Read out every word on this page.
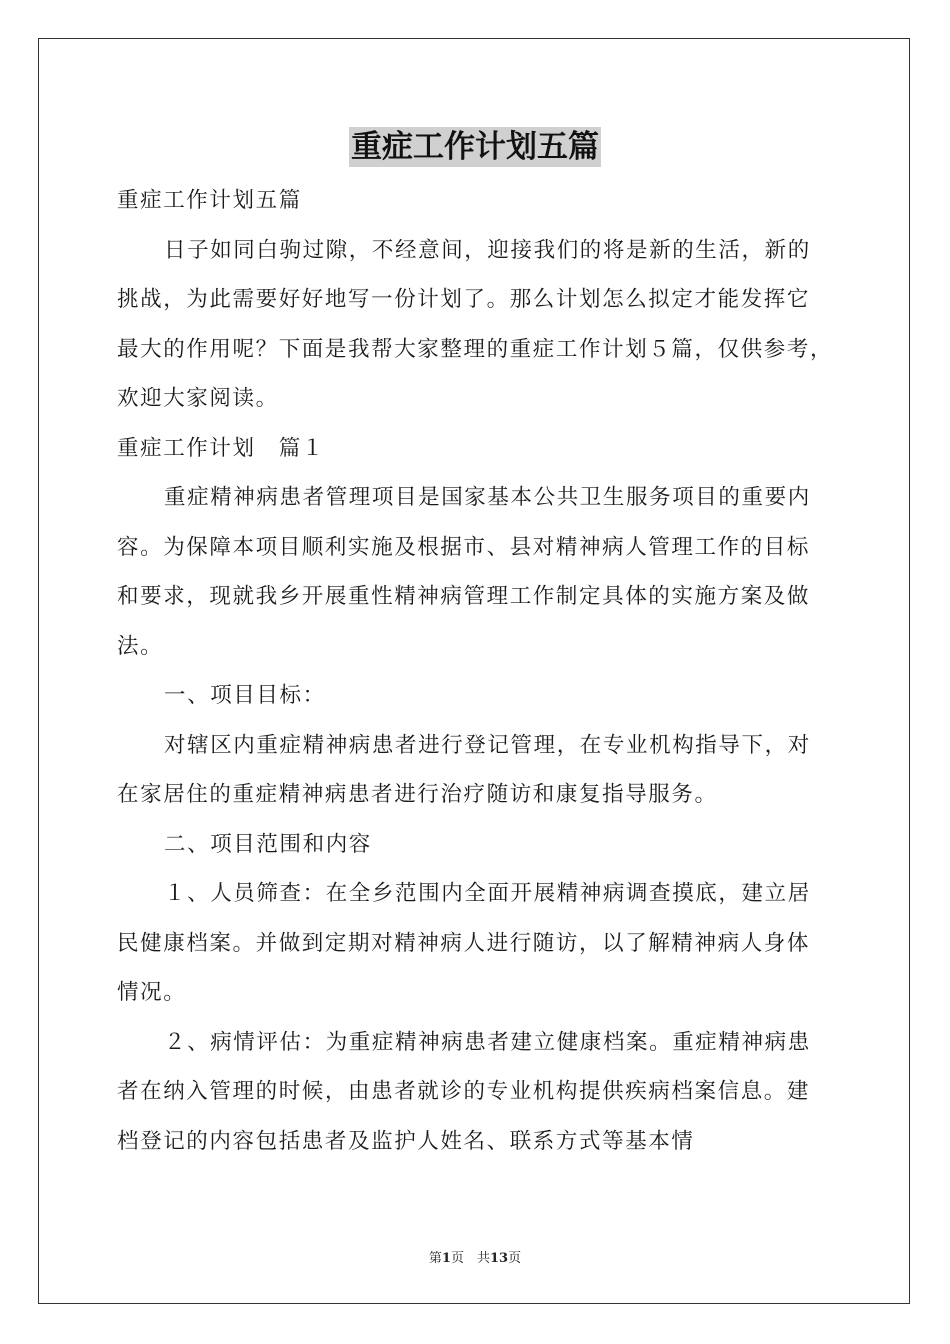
重症工作计划五篇
重症工作计划五篇
日子如同白驹过隙，不经意间，迎接我们的将是新的生活，新的
挑战，为此需要好好地写一份计划了。那么计划怎么拟定才能发挥它
最大的作用呢？下面是我帮大家整理的重症工作计划５篇，仅供参考，
欢迎大家阅读。
重症工作计划　篇１
重症精神病患者管理项目是国家基本公共卫生服务项目的重要内
容。为保障本项目顺利实施及根据市、县对精神病人管理工作的目标
和要求，现就我乡开展重性精神病管理工作制定具体的实施方案及做
法。
一、项目目标：
对辖区内重症精神病患者进行登记管理，在专业机构指导下，对
在家居住的重症精神病患者进行治疗随访和康复指导服务。
二、项目范围和内容
１、人员筛查：在全乡范围内全面开展精神病调查摸底，建立居
民健康档案。并做到定期对精神病人进行随访，以了解精神病人身体
情况。
２、病情评估：为重症精神病患者建立健康档案。重症精神病患
者在纳入管理的时候，由患者就诊的专业机构提供疾病档案信息。建
档登记的内容包括患者及监护人姓名、联系方式等基本情
第1页　共13页
